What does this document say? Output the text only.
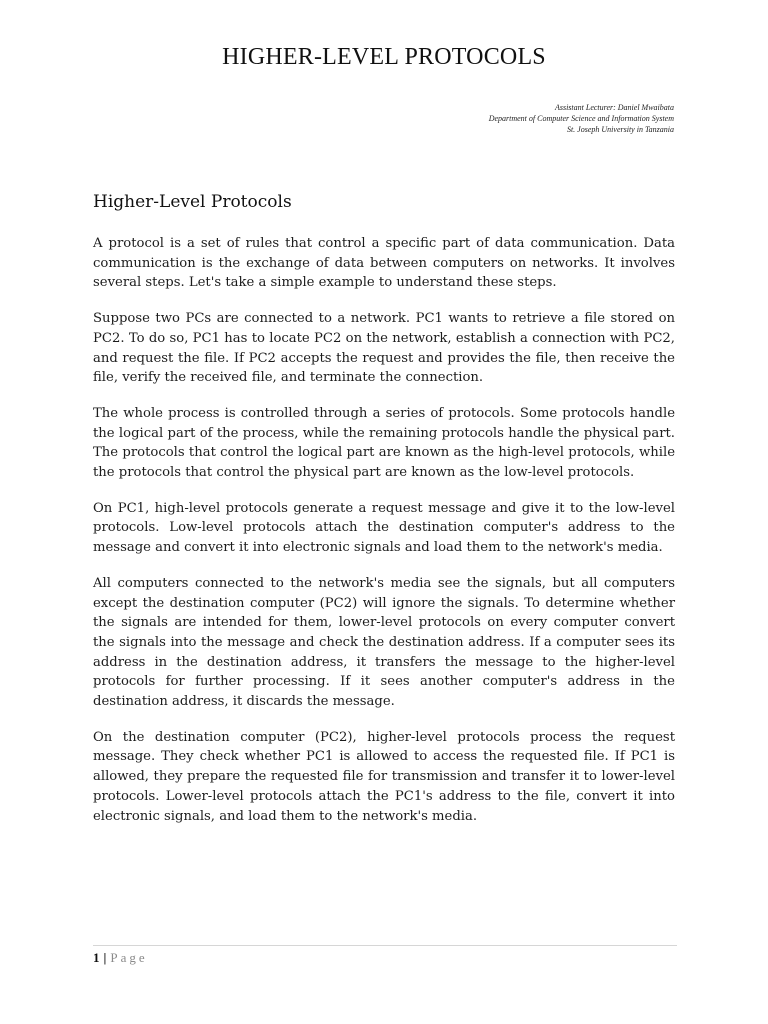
HIGHER-LEVEL PROTOCOLS
Assistant Lecturer: Daniel Mwaibata
Department of Computer Science and Information System
St. Joseph University in Tanzania
Higher-Level Protocols

A protocol is a set of rules that control a specific part of data communication. Data communication is the exchange of data between computers on networks. It involves several steps. Let's take a simple example to understand these steps.

Suppose two PCs are connected to a network. PC1 wants to retrieve a file stored on PC2. To do so, PC1 has to locate PC2 on the network, establish a connection with PC2, and request the file. If PC2 accepts the request and provides the file, then receive the file, verify the received file, and terminate the connection.

The whole process is controlled through a series of protocols. Some protocols handle the logical part of the process, while the remaining protocols handle the physical part. The protocols that control the logical part are known as the high-level protocols, while the protocols that control the physical part are known as the low-level protocols.

On PC1, high-level protocols generate a request message and give it to the low-level protocols. Low-level protocols attach the destination computer's address to the message and convert it into electronic signals and load them to the network's media.

All computers connected to the network's media see the signals, but all computers except the destination computer (PC2) will ignore the signals. To determine whether the signals are intended for them, lower-level protocols on every computer convert the signals into the message and check the destination address. If a computer sees its address in the destination address, it transfers the message to the higher-level protocols for further processing. If it sees another computer's address in the destination address, it discards the message.

On the destination computer (PC2), higher-level protocols process the request message. They check whether PC1 is allowed to access the requested file. If PC1 is allowed, they prepare the requested file for transmission and transfer it to lower-level protocols. Lower-level protocols attach the PC1's address to the file, convert it into electronic signals, and load them to the network's media.

1 | Page
